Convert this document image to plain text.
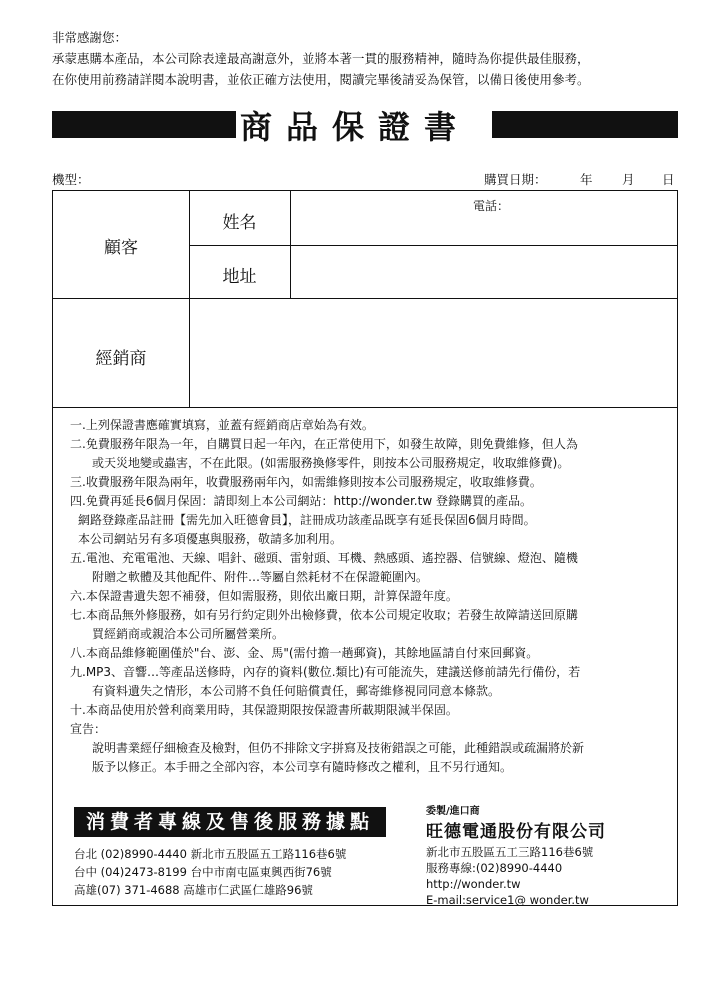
非常感謝您：
承蒙惠購本產品，本公司除表達最高謝意外，並將本著一貫的服務精神，隨時為你提供最佳服務，
在你使用前務請詳閱本說明書，並依正確方法使用，閱讀完畢後請妥為保管，以備日後使用參考。
商品保證書
機型：	購買日期：	年 月 日
顧客
姓名
地址
電話：
經銷商
一.上列保證書應確實填寫，並蓋有經銷商店章始為有效。
二.免費服務年限為一年，自購買日起一年內，在正常使用下，如發生故障，則免費維修，但人為
或天災地變或蟲害，不在此限。(如需服務換修零件，則按本公司服務規定，收取維修費)。
三.收費服務年限為兩年，收費服務兩年內，如需維修則按本公司服務規定，收取維修費。
四.免費再延長6個月保固：請即刻上本公司網站：http://wonder.tw 登錄購買的產品。
網路登錄產品註冊【需先加入旺德會員】，註冊成功該產品既享有延長保固6個月時間。
本公司網站另有多項優惠與服務，敬請多加利用。
五.電池、充電電池、天線、唱針、磁頭、雷射頭、耳機、熱感頭、遙控器、信號線、燈泡、隨機
附贈之軟體及其他配件、附件…等屬自然耗材不在保證範圍內。
六.本保證書遺失恕不補發，但如需服務，則依出廠日期，計算保證年度。
七.本商品無外修服務，如有另行約定則外出檢修費，依本公司規定收取；若發生故障請送回原購
買經銷商或親洽本公司所屬營業所。
八.本商品維修範圍僅於"台、澎、金、馬"(需付擔一趟郵資)，其餘地區請自付來回郵資。
九.MP3、音響…等產品送修時，內存的資料(數位.類比)有可能流失，建議送修前請先行備份，若
有資料遺失之情形，本公司將不負任何賠償責任，郵寄維修視同同意本條款。
十.本商品使用於營利商業用時，其保證期限按保證書所載期限減半保固。
宣告：
說明書業經仔細檢查及檢對，但仍不排除文字拼寫及技術錯誤之可能，此種錯誤或疏漏將於新
版予以修正。本手冊之全部內容，本公司享有隨時修改之權利，且不另行通知。
消費者專線及售後服務據點
台北 (02)8990-4440 新北市五股區五工路116巷6號
台中 (04)2473-8199 台中市南屯區東興西街76號
高雄(07) 371-4688 高雄市仁武區仁雄路96號
委製/進口商
旺德電通股份有限公司
新北市五股區五工三路116巷6號
服務專線:(02)8990-4440
http://wonder.tw
E-mail:service1@ wonder.tw
